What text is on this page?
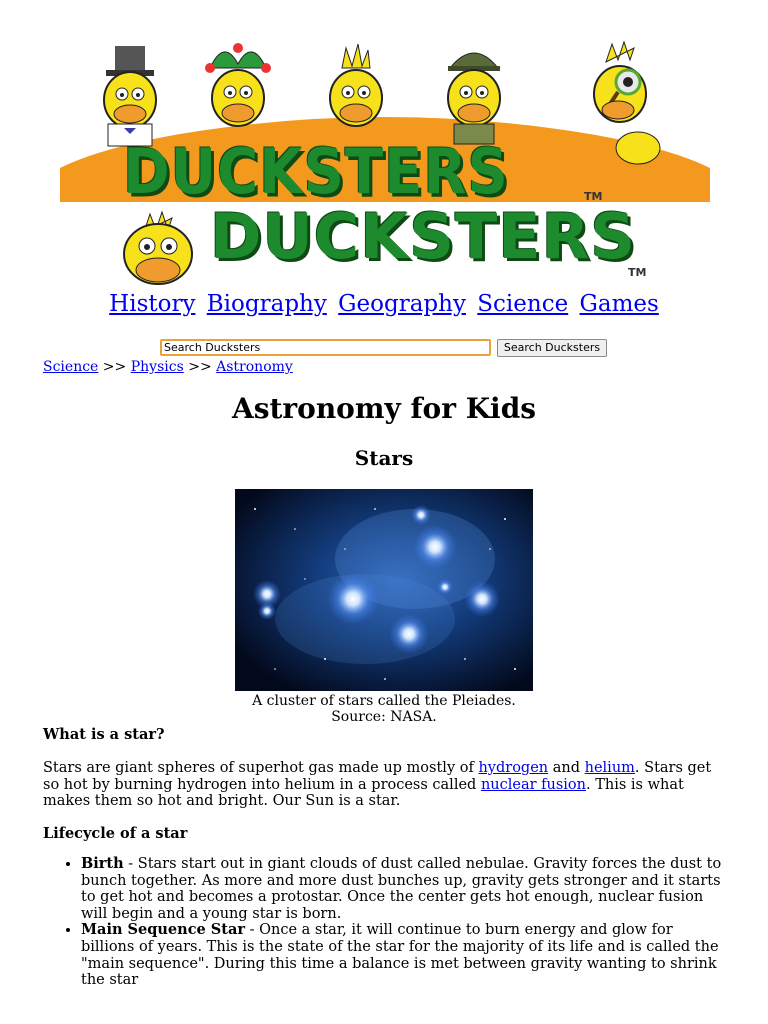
DUCKSTERS	TM
DUCKSTERS
TM
History Biography Geography Science Games
Search Ducksters
Search Ducksters
Science >> Physics >> Astronomy
Astronomy for Kids
Stars
A cluster of stars called the Pleiades.
Source: NASA.
What is a star?
Stars are giant spheres of superhot gas made up mostly of hydrogen and helium. Stars get so hot by burning hydrogen into helium in a process called nuclear fusion. This is what makes them so hot and bright. Our Sun is a star.
Lifecycle of a star
• Birth - Stars start out in giant clouds of dust called nebulae. Gravity forces the dust to bunch together. As more and more dust bunches up, gravity gets stronger and it starts to get hot and becomes a protostar. Once the center gets hot enough, nuclear fusion will begin and a young star is born.
• Main Sequence Star - Once a star, it will continue to burn energy and glow for billions of years. This is the state of the star for the majority of its life and is called the "main sequence". During this time a balance is met between gravity wanting to shrink the star
